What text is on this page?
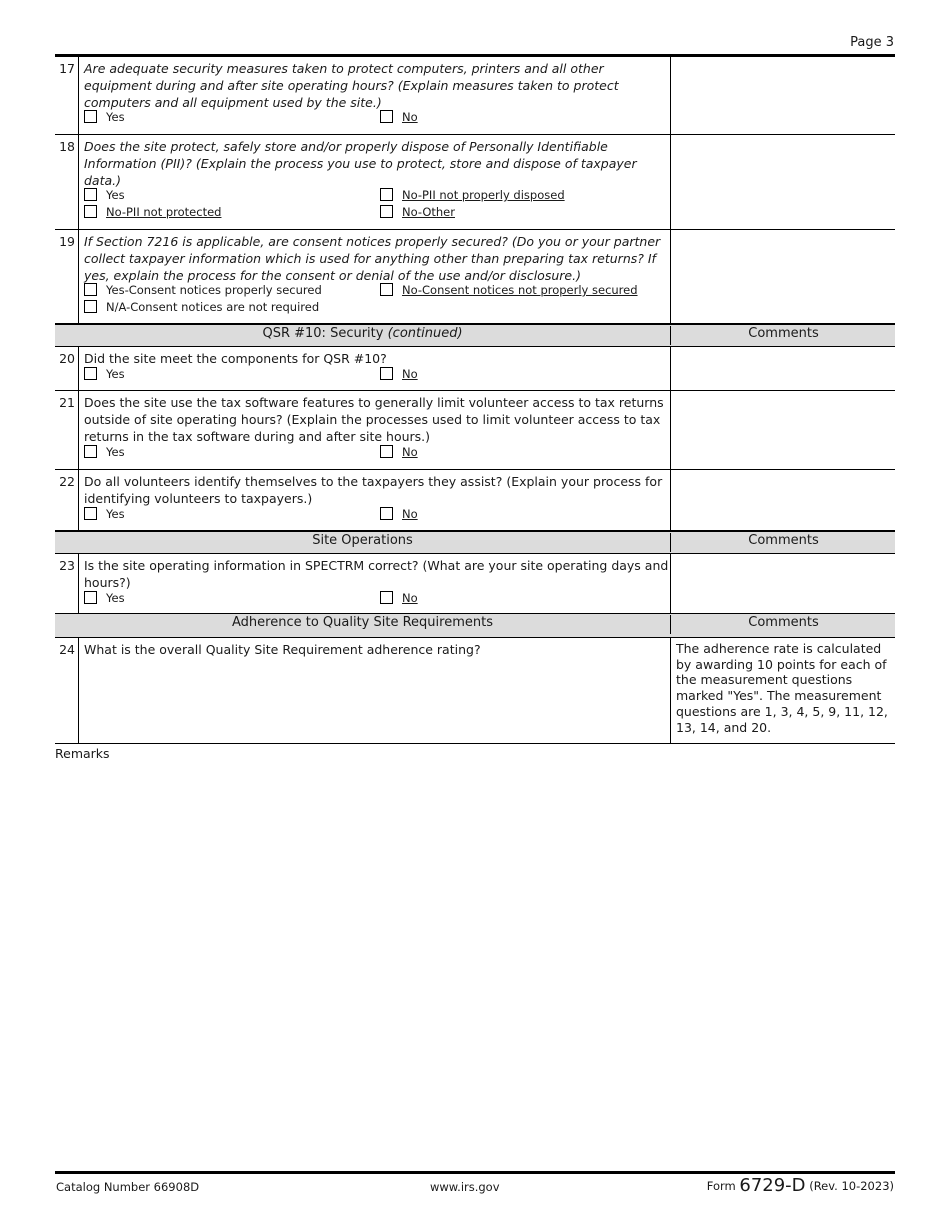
Page 3
17 Are adequate security measures taken to protect computers, printers and all other equipment during and after site operating hours? (Explain measures taken to protect computers and all equipment used by the site.)
Yes	No
18 Does the site protect, safely store and/or properly dispose of Personally Identifiable Information (PII)? (Explain the process you use to protect, store and dispose of taxpayer data.)
Yes	No-PII not properly disposed
No-PII not protected	No-Other
19 If Section 7216 is applicable, are consent notices properly secured? (Do you or your partner collect taxpayer information which is used for anything other than preparing tax returns? If yes, explain the process for the consent or denial of the use and/or disclosure.)
Yes-Consent notices properly secured	No-Consent notices not properly secured
N/A-Consent notices are not required
QSR #10: Security (continued)	Comments
20 Did the site meet the components for QSR #10?
Yes	No
21 Does the site use the tax software features to generally limit volunteer access to tax returns outside of site operating hours? (Explain the processes used to limit volunteer access to tax returns in the tax software during and after site hours.)
Yes	No
22 Do all volunteers identify themselves to the taxpayers they assist? (Explain your process for identifying volunteers to taxpayers.)
Yes	No
Site Operations	Comments
23 Is the site operating information in SPECTRM correct? (What are your site operating days and hours?)
Yes	No
Adherence to Quality Site Requirements	Comments
24 What is the overall Quality Site Requirement adherence rating?	The adherence rate is calculated by awarding 10 points for each of the measurement questions marked "Yes". The measurement questions are 1, 3, 4, 5, 9, 11, 12, 13, 14, and 20.
Remarks
Catalog Number 66908D	www.irs.gov	Form 6729-D (Rev. 10-2023)
